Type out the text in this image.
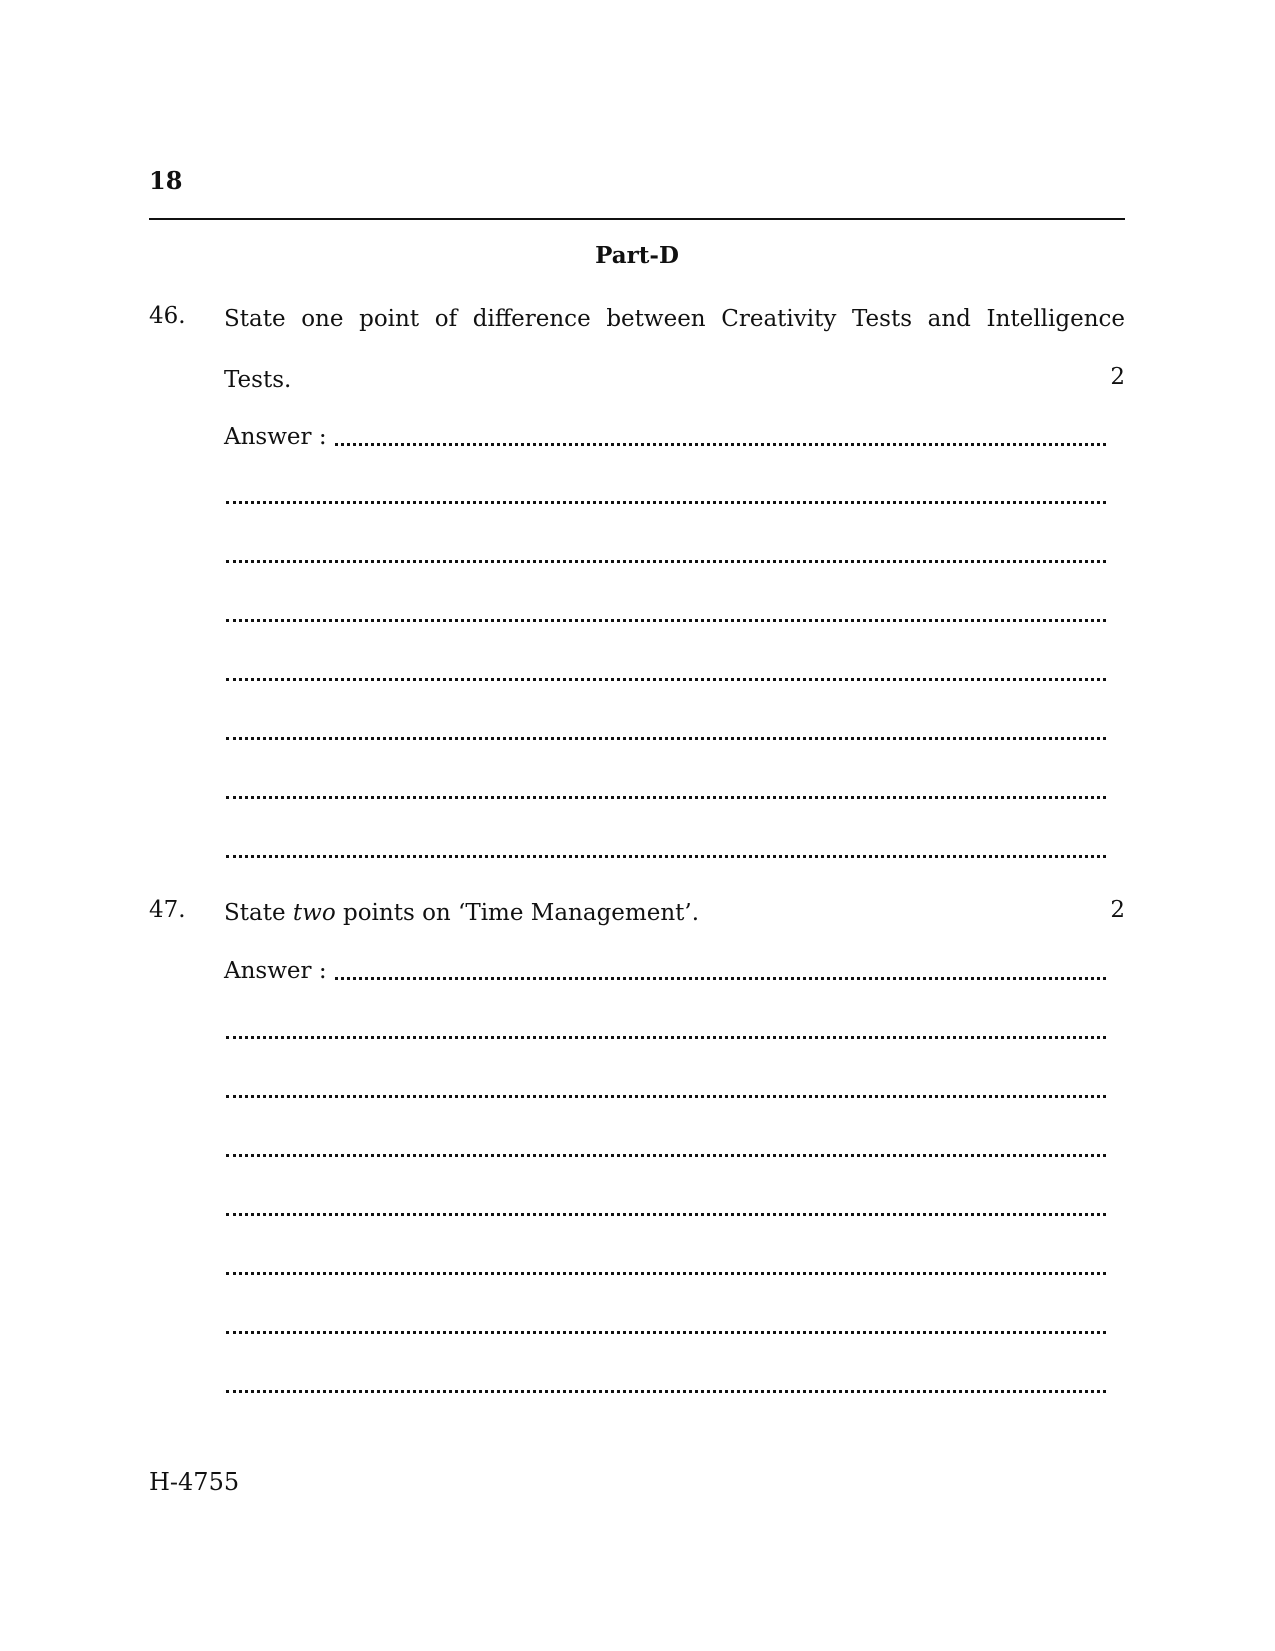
18
Part-D
46. State one point of difference between Creativity Tests and Intelligence
Tests.	2
Answer :
47. State two points on ‘Time Management’.	2
Answer :
H-4755
